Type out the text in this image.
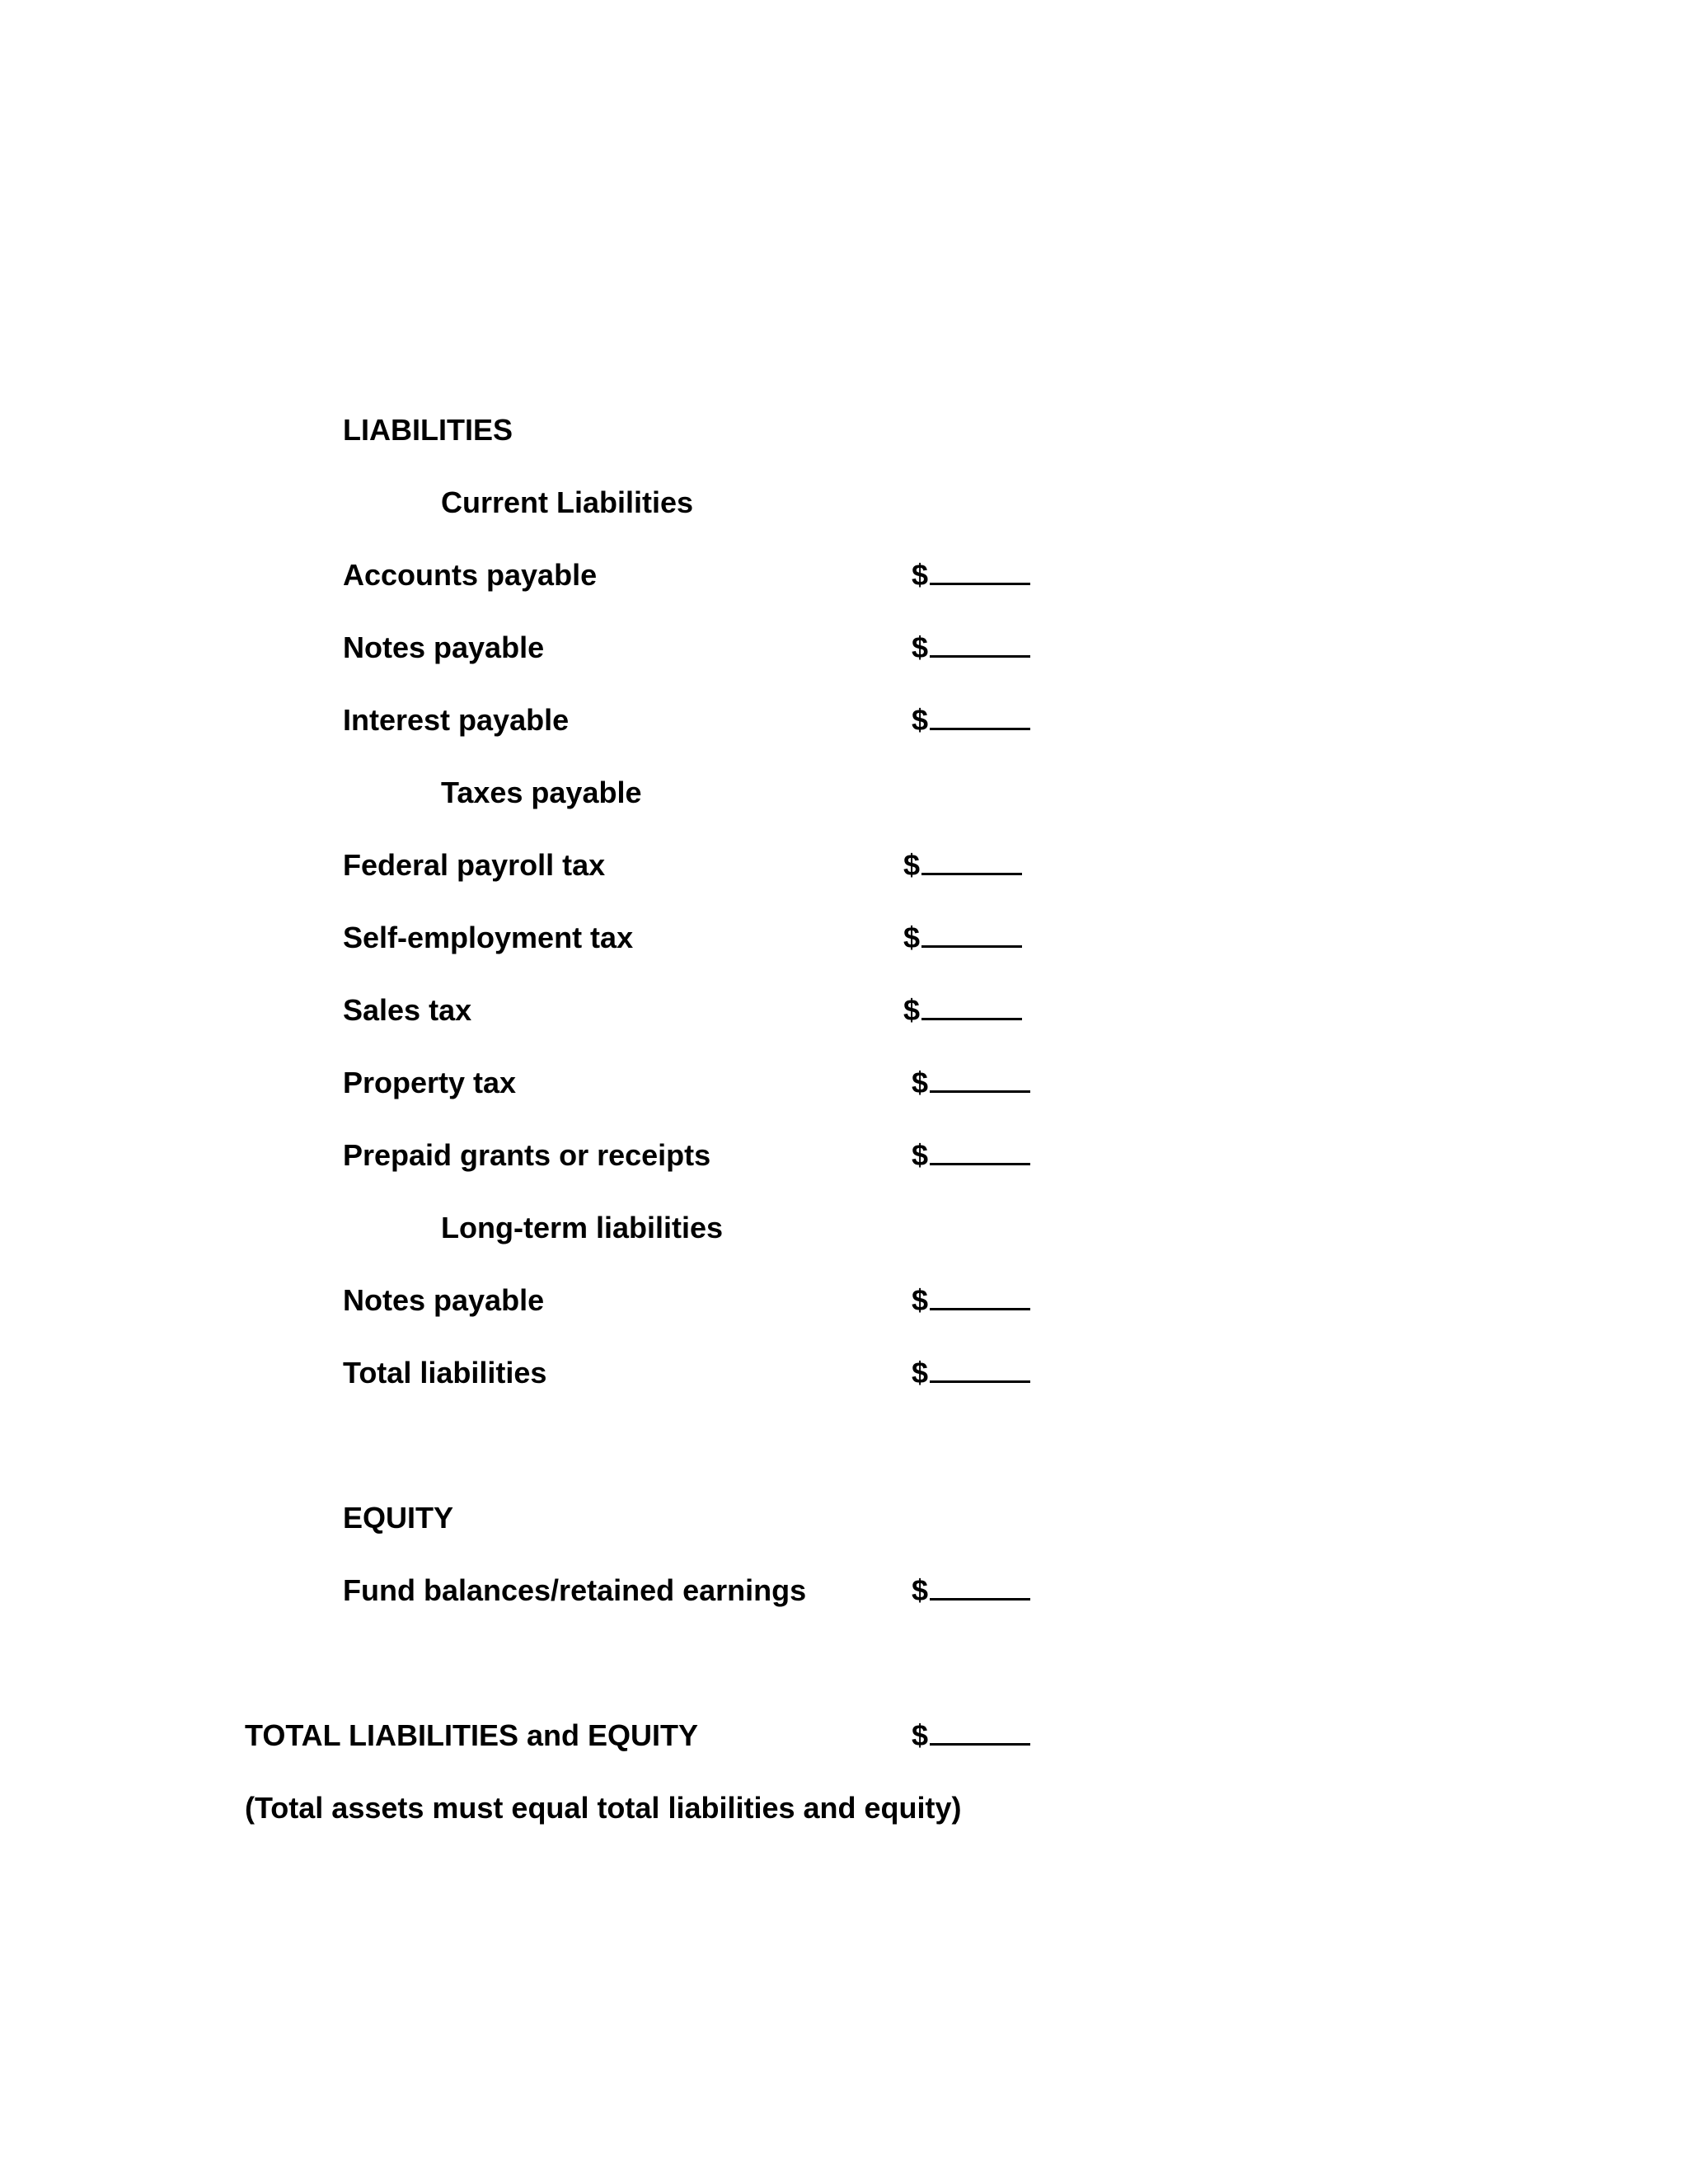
LIABILITIES
Current Liabilities
Accounts payable	$
Notes payable	$
Interest payable	$
Taxes payable
Federal payroll tax	$
Self-employment tax	$
Sales tax	$
Property tax	$
Prepaid grants or receipts	$
Long-term liabilities
Notes payable	$
Total liabilities	$
EQUITY
Fund balances/retained earnings	$
TOTAL LIABILITIES and EQUITY	$
(Total assets must equal total liabilities and equity)
